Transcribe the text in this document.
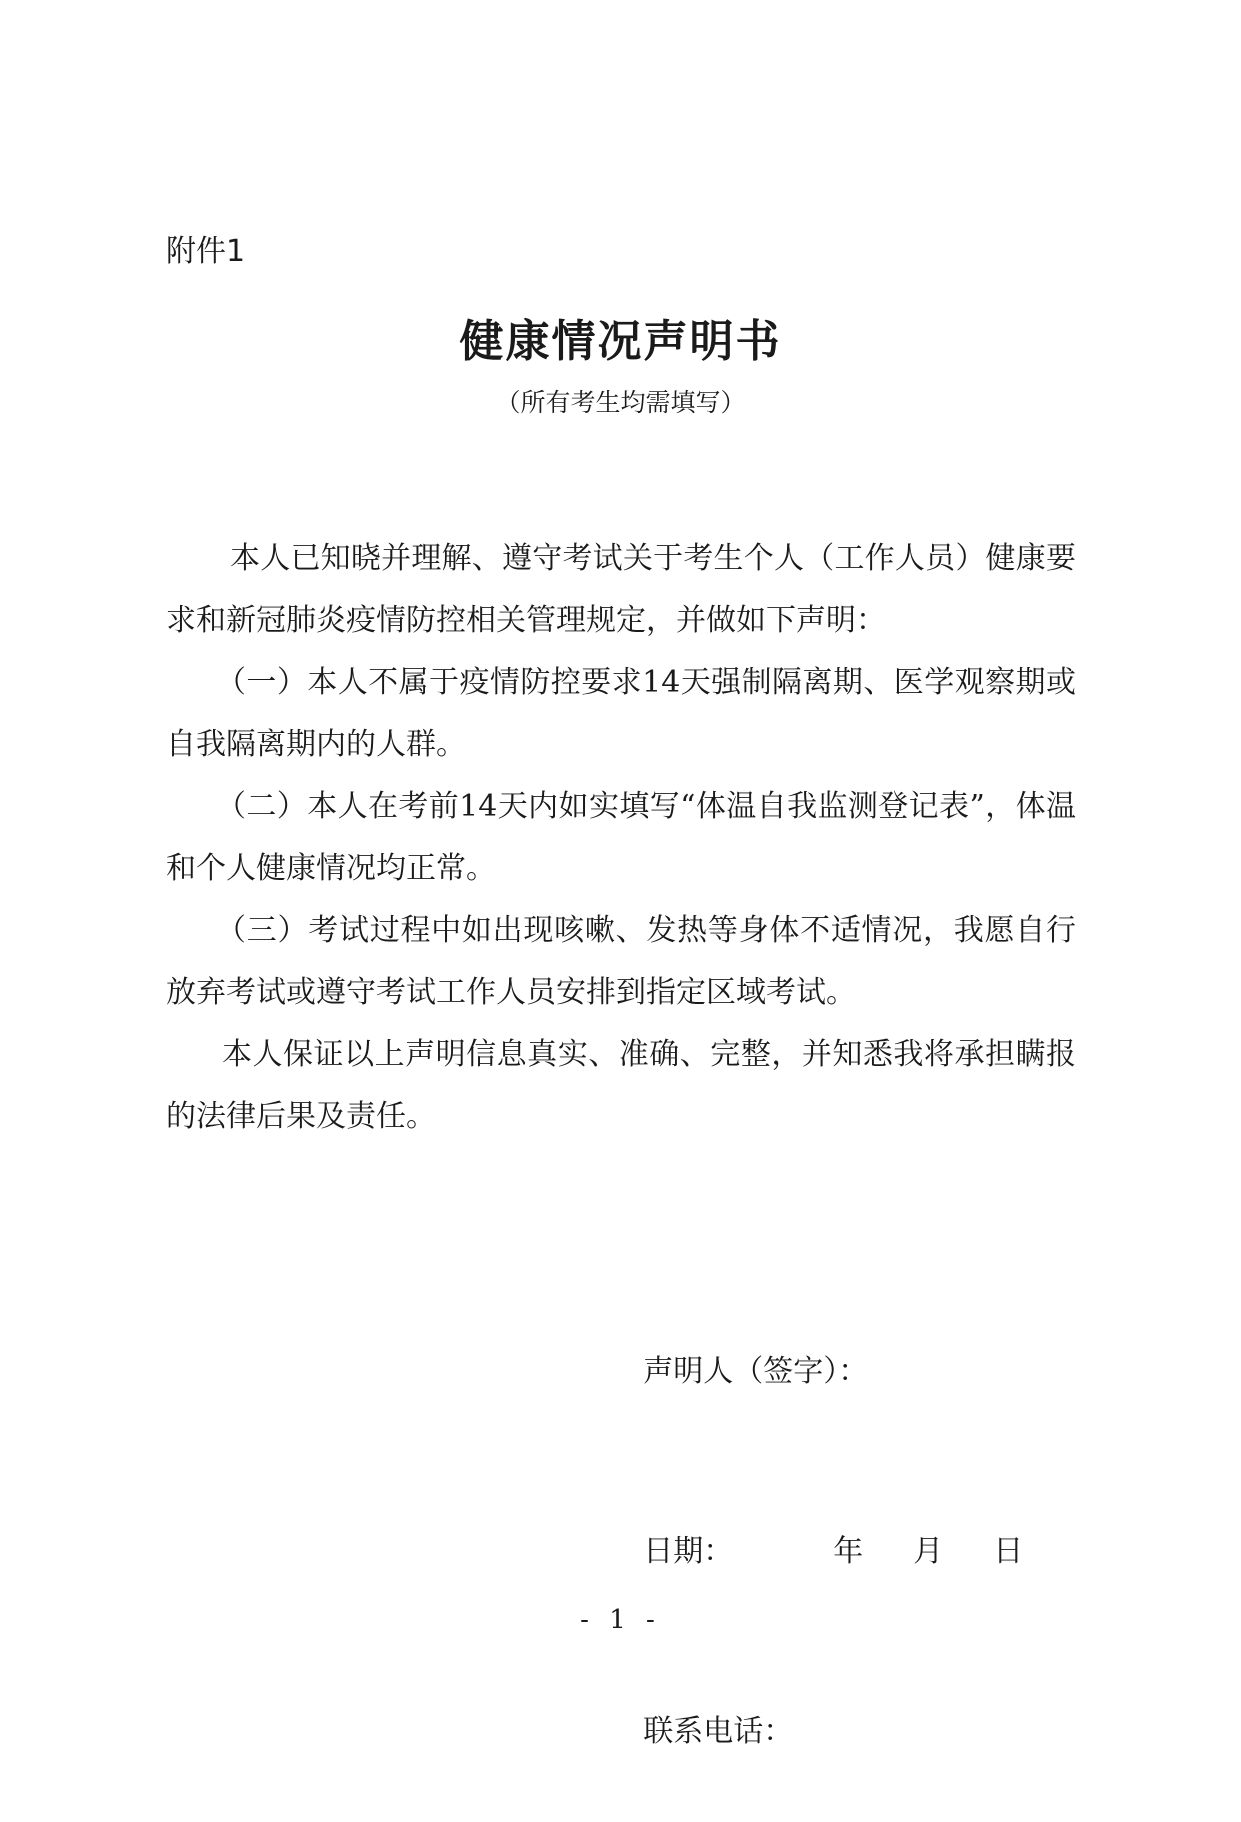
附件1
健康情况声明书
（所有考生均需填写）

本人已知晓并理解、遵守考试关于考生个人（工作人员）健康要求和新冠肺炎疫情防控相关管理规定，并做如下声明：

（一）本人不属于疫情防控要求14天强制隔离期、医学观察期或自我隔离期内的人群。

（二）本人在考前14天内如实填写“体温自我监测登记表”，体温和个人健康情况均正常。

（三）考试过程中如出现咳嗽、发热等身体不适情况，我愿自行放弃考试或遵守考试工作人员安排到指定区域考试。

本人保证以上声明信息真实、准确、完整，并知悉我将承担瞒报的法律后果及责任。

声明人（签字）：

日期：	年 月 日

联系电话：

- 1 -
